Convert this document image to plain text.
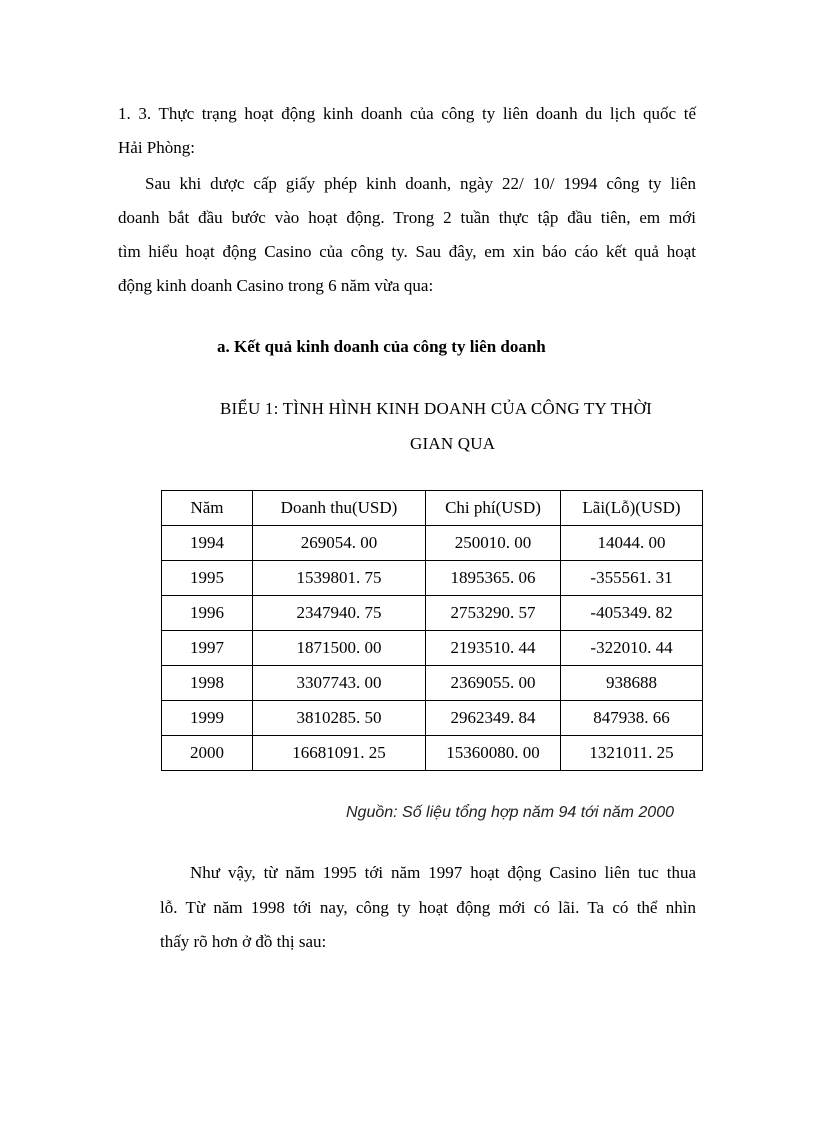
1. 3. Thực trạng hoạt động kinh doanh của công ty liên doanh du lịch quốc tế
Hải Phòng:
Sau khi dược cấp giấy phép kinh doanh, ngày 22/ 10/ 1994 công ty liên
doanh bắt đầu bước vào hoạt động. Trong 2 tuần thực tập đầu tiên, em mới
tìm hiểu hoạt động Casino của công ty. Sau đây, em xin báo cáo kết quả hoạt
động kinh doanh Casino trong 6 năm vừa qua:
a. Kết quả kinh doanh của công ty liên doanh
BIỂU 1: TÌNH HÌNH KINH DOANH CỦA CÔNG TY THỜI
GIAN QUA
Năm	Doanh thu(USD)	Chi phí(USD)	Lãi(Lỗ)(USD)
1994	269054. 00	250010. 00	14044. 00
1995	1539801. 75	1895365. 06	-355561. 31
1996	2347940. 75	2753290. 57	-405349. 82
1997	1871500. 00	2193510. 44	-322010. 44
1998	3307743. 00	2369055. 00	938688
1999	3810285. 50	2962349. 84	847938. 66
2000	16681091. 25	15360080. 00	1321011. 25
Nguồn: Số liệu tổng hợp năm 94 tới năm 2000
Như vậy, từ năm 1995 tới năm 1997 hoạt động Casino liên tuc thua
lỗ. Từ năm 1998 tới nay, công ty hoạt động mới có lãi. Ta có thể nhìn
thấy rõ hơn ở đồ thị sau:
